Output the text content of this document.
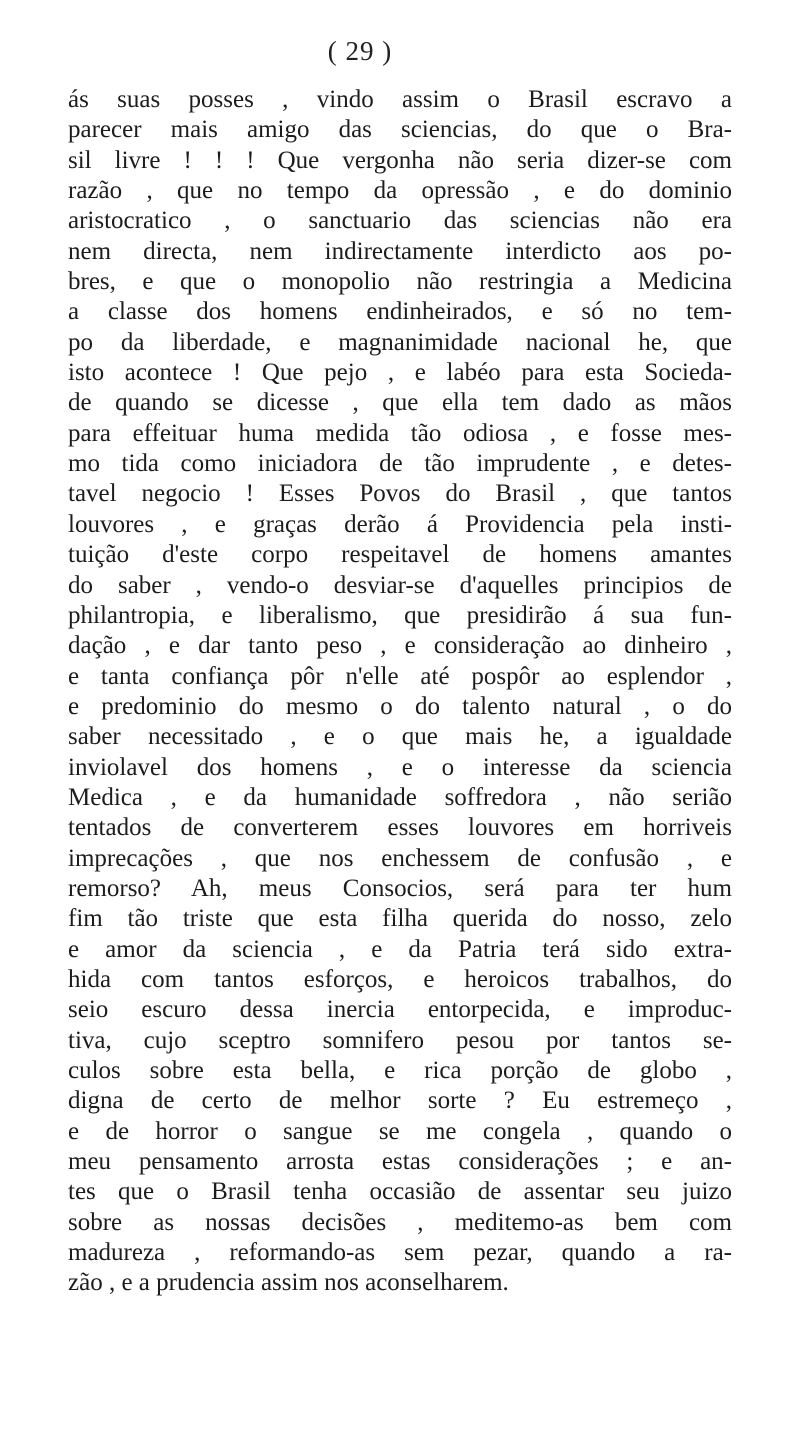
( 29 )
ás suas posses , vindo assim o Brasil escravo a
parecer mais amigo das sciencias, do que o Bra-
sil livre ! ! ! Que vergonha não seria dizer-se com
razão , que no tempo da opressão , e do dominio
aristocratico , o sanctuario das sciencias não era
nem directa, nem indirectamente interdicto aos po-
bres, e que o monopolio não restringia a Medicina
a classe dos homens endinheirados, e só no tem-
po da liberdade, e magnanimidade nacional he, que
isto acontece ! Que pejo , e labéo para esta Socieda-
de quando se dicesse , que ella tem dado as mãos
para effeituar huma medida tão odiosa , e fosse mes-
mo tida como iniciadora de tão imprudente , e detes-
tavel negocio ! Esses Povos do Brasil , que tantos
louvores , e graças derão á Providencia pela insti-
tuição d'este corpo respeitavel de homens amantes
do saber , vendo-o desviar-se d'aquelles principios de
philantropia, e liberalismo, que presidirão á sua fun-
dação , e dar tanto peso , e consideração ao dinheiro ,
e tanta confiança pôr n'elle até pospôr ao esplendor ,
e predominio do mesmo o do talento natural , o do
saber necessitado , e o que mais he, a igualdade
inviolavel dos homens , e o interesse da sciencia
Medica , e da humanidade soffredora , não serião
tentados de converterem esses louvores em horriveis
imprecações , que nos enchessem de confusão , e
remorso? Ah, meus Consocios, será para ter hum
fim tão triste que esta filha querida do nosso, zelo
e amor da sciencia , e da Patria terá sido extra-
hida com tantos esforços, e heroicos trabalhos, do
seio escuro dessa inercia entorpecida, e improduc-
tiva, cujo sceptro somnifero pesou por tantos se-
culos sobre esta bella, e rica porção de globo ,
digna de certo de melhor sorte ? Eu estremeço ,
e de horror o sangue se me congela , quando o
meu pensamento arrosta estas considerações ; e an-
tes que o Brasil tenha occasião de assentar seu juizo
sobre as nossas decisões , meditemo-as bem com
madureza , reformando-as sem pezar, quando a ra-
zão , e a prudencia assim nos aconselharem.
